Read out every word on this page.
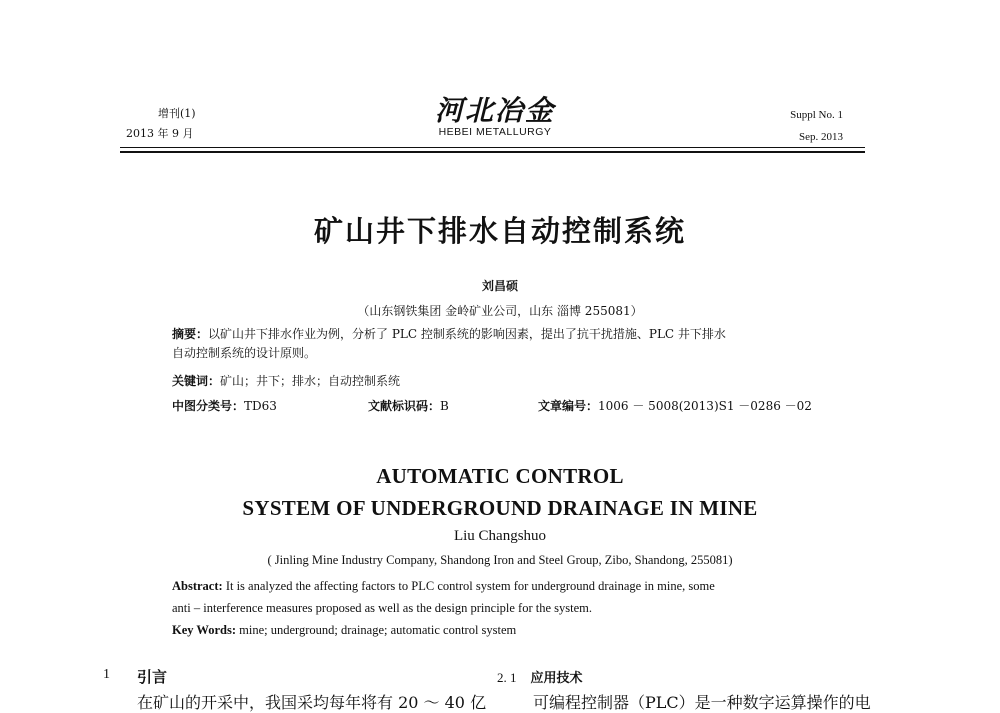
增刊(1)
2013 年 9 月
河北冶金
HEBEI METALLURGY
Suppl No. 1
Sep. 2013
矿山井下排水自动控制系统
刘昌硕
（山东钢铁集团 金岭矿业公司，山东 淄博 255081）
摘要：以矿山井下排水作业为例，分析了 PLC 控制系统的影响因素，提出了抗干扰措施、PLC 井下排水
自动控制系统的设计原则。
关键词：矿山；井下；排水；自动控制系统
中图分类号：TD63	文献标识码：B	文章编号：1006 － 5008(2013)S1 －0286 －02
AUTOMATIC CONTROL
SYSTEM OF UNDERGROUND DRAINAGE IN MINE
Liu Changshuo
( Jinling Mine Industry Company, Shandong Iron and Steel Group, Zibo, Shandong, 255081)
Abstract: It is analyzed the affecting factors to PLC control system for underground drainage in mine, some
anti – interference measures proposed as well as the design principle for the system.
Key Words: mine; underground; drainage; automatic control system
1 引言	2. 1 应用技术
在矿山的开采中，我国采均每年将有 20 ～ 40 亿	可编程控制器（PLC）是一种数字运算操作的电
